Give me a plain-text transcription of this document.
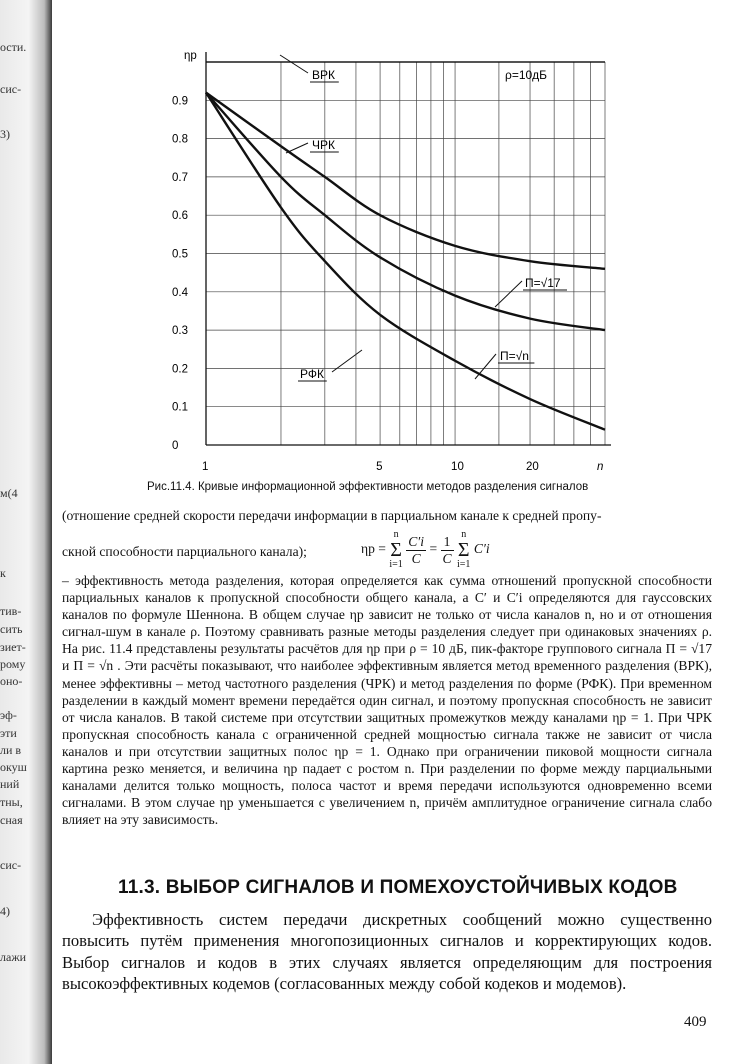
ости.
сис-
3)
м(4
к
тив-
сить
зиет-
рому
оно-
эф-
эти
ли в
окуш
ний
тны,
сная
сис-
4)
лажи
0
0.1
0.2
0.3
0.4
0.5
0.6
0.7
0.8
0.9
ηр
1	5	10	20	n
ВРК
ЧРК
П=√17
П=√n
РФК
ρ=10дБ
Рис.11.4. Кривые информационной эффективности методов разделения сигналов
(отношение средней скорости передачи информации в парциальном канале к средней пропу-
скной способности парциального канала);	ηр = n
Σ
$i=1 \frac{C'i}{C} = \frac{1}{C}$ n
Σ
i=1 C′i
– эффективность метода разделения, которая определяется как сумма отношений пропускной способности парциальных каналов к пропускной способности общего канала, а C′ и C′i определяются для гауссовских каналов по формуле Шеннона. В общем случае ηр зависит не только от числа каналов n, но и от отношения сигнал-шум в канале ρ. Поэтому сравнивать разные методы разделения следует при одинаковых значениях ρ. На рис. 11.4 представлены результаты расчётов для ηр при ρ = 10 дБ, пик-факторе группового сигнала П = √17 и П = √n . Эти расчёты показывают, что наиболее эффективным является метод временного разделения (ВРК), менее эффективны – метод частотного разделения (ЧРК) и метод разделения по форме (РФК). При временном разделении в каждый момент времени передаётся один сигнал, и поэтому пропускная способность не зависит от числа каналов. В такой системе при отсутствии защитных промежутков между каналами ηр = 1. При ЧРК пропускная способность канала с ограниченной средней мощностью сигнала также не зависит от числа каналов и при отсутствии защитных полос ηр = 1. Однако при ограничении пиковой мощности сигнала картина резко меняется, и величина ηр падает с ростом n. При разделении по форме между парциальными каналами делится только мощность, полоса частот и время передачи используются одновременно всеми сигналами. В этом случае ηр уменьшается с увеличением n, причём амплитудное ограничение сигнала слабо влияет на эту зависимость.
11.3. ВЫБОР СИГНАЛОВ И ПОМЕХОУСТОЙЧИВЫХ КОДОВ
Эффективность систем передачи дискретных сообщений можно существенно повысить путём применения многопозиционных сигналов и корректирующих кодов. Выбор сигналов и кодов в этих случаях является определяющим для построения высокоэффективных кодемов (согласованных между собой кодеков и модемов).
409
